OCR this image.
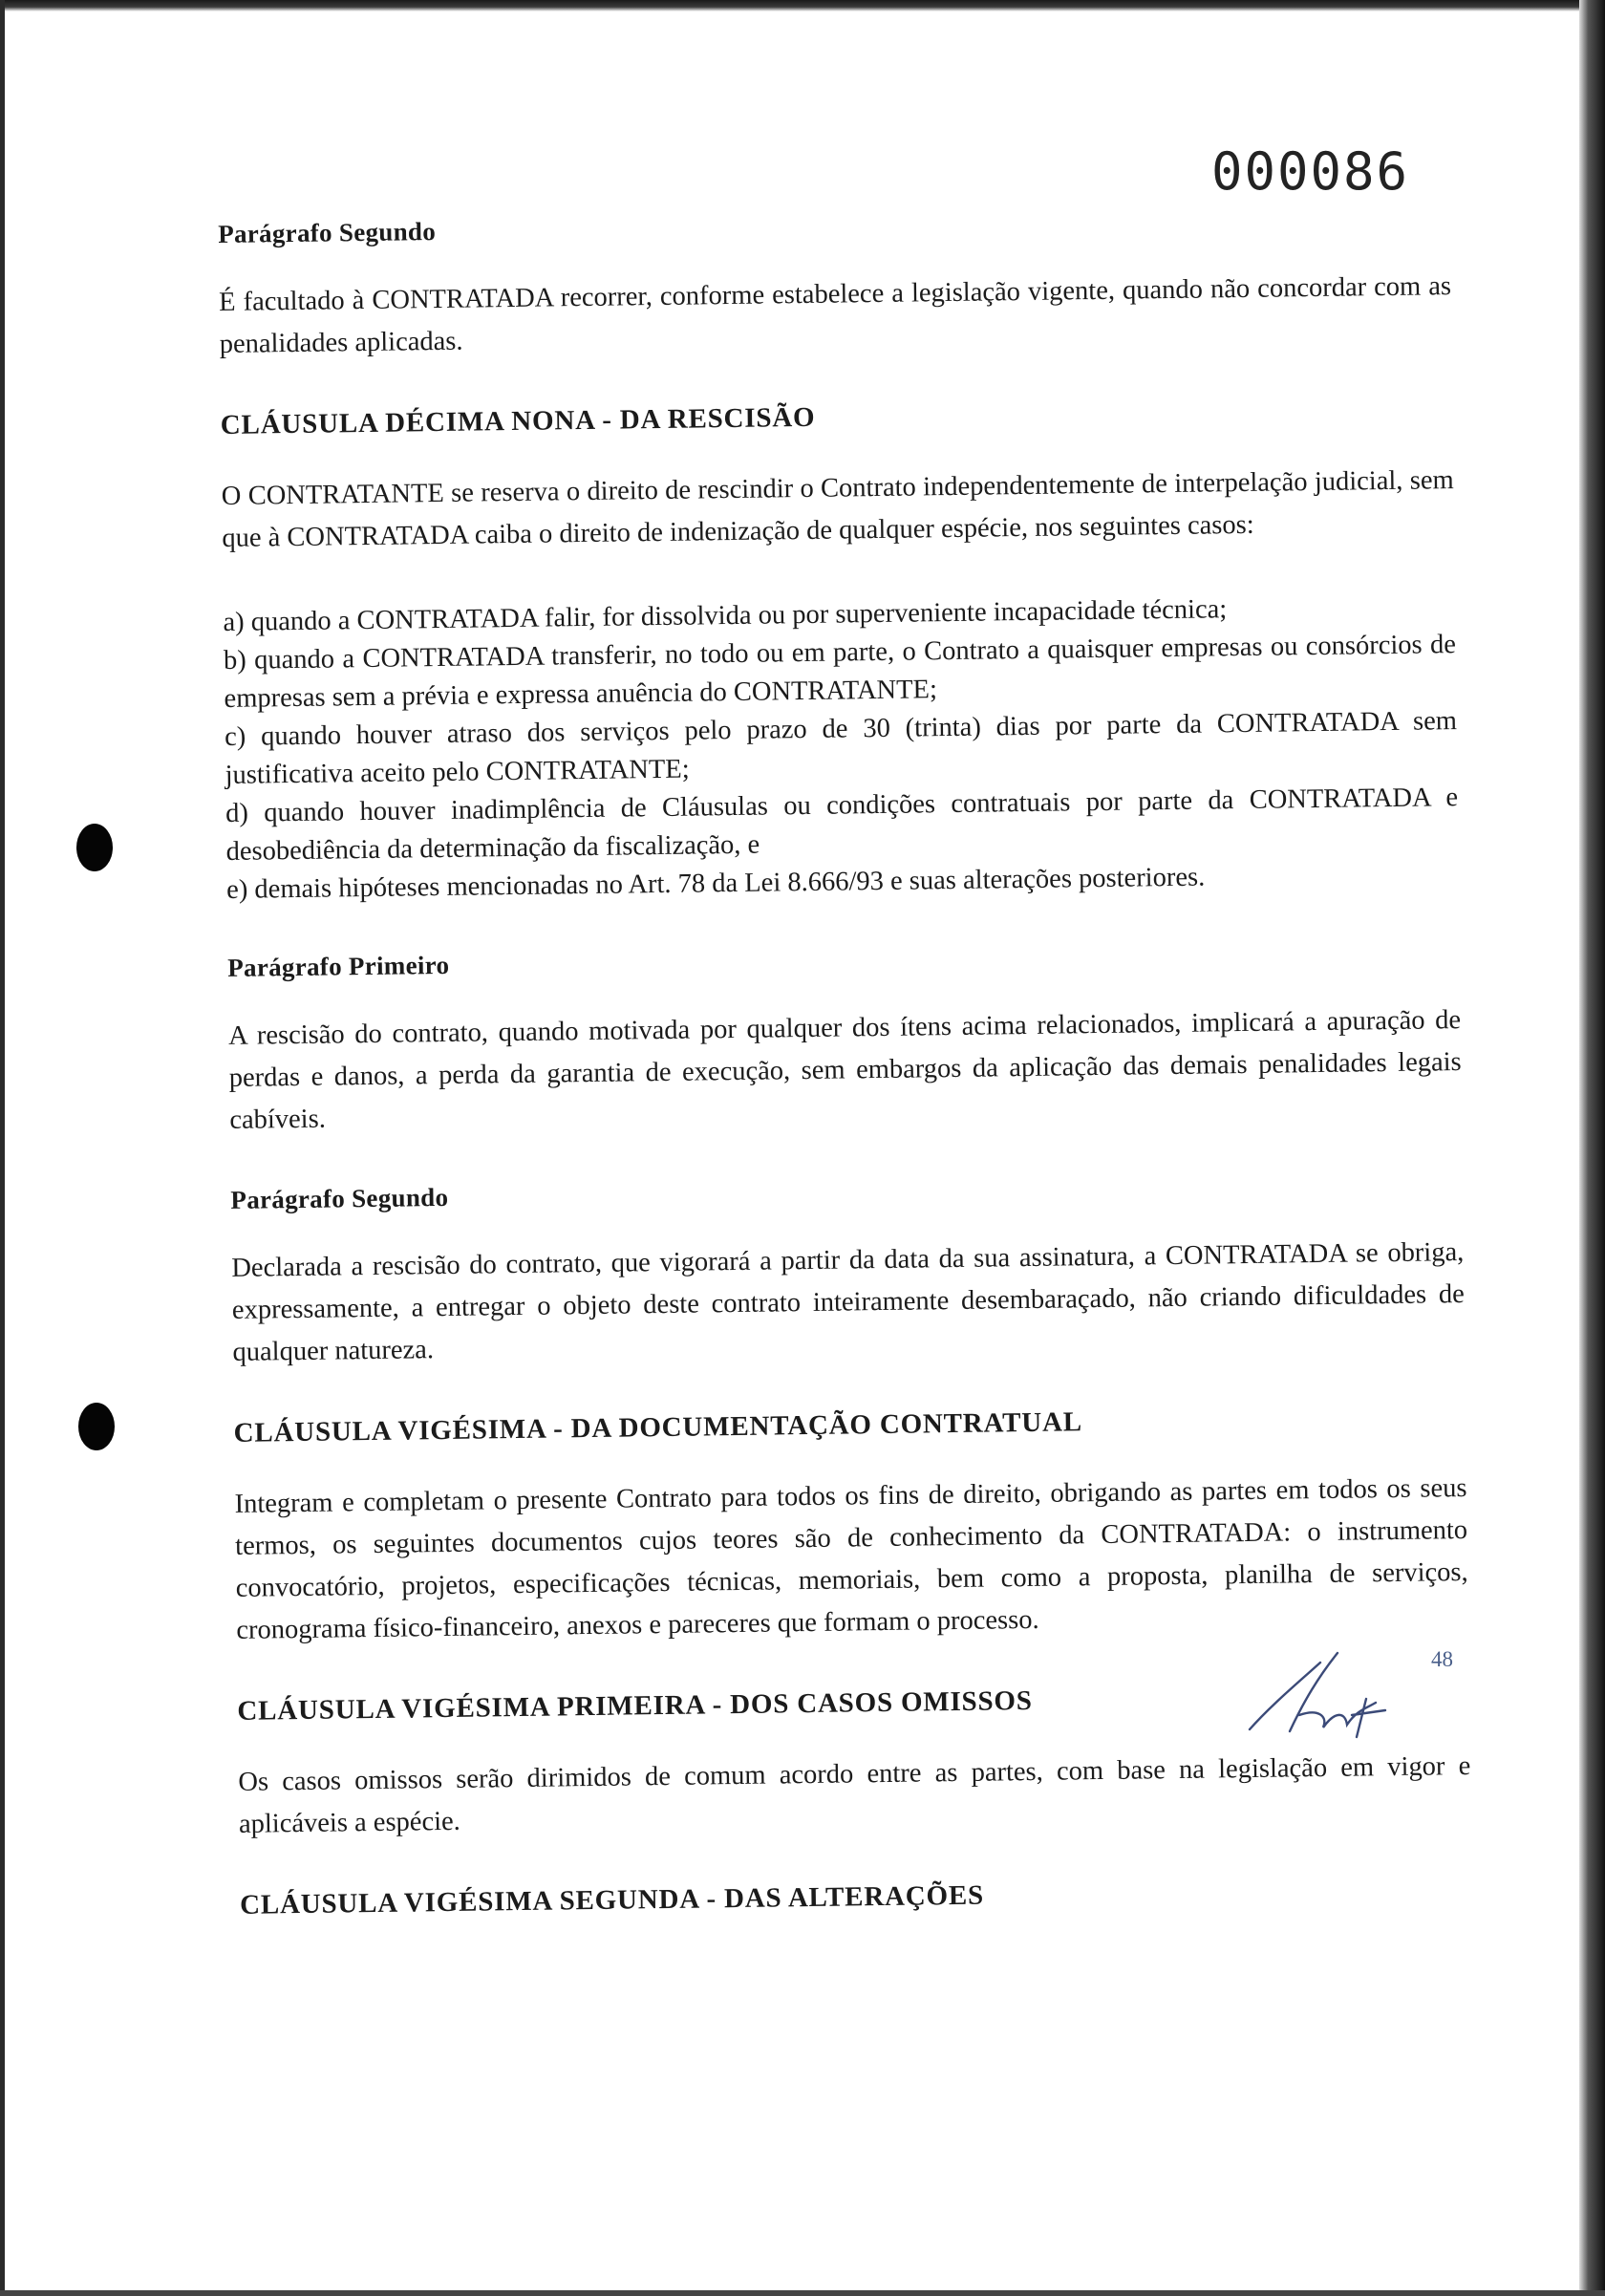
000086
Parágrafo Segundo

É facultado à CONTRATADA recorrer, conforme estabelece a legislação vigente, quando não concordar com as penalidades aplicadas.

CLÁUSULA DÉCIMA NONA - DA RESCISÃO

O CONTRATANTE se reserva o direito de rescindir o Contrato independentemente de interpelação judicial, sem que à CONTRATADA caiba o direito de indenização de qualquer espécie, nos seguintes casos:

a) quando a CONTRATADA falir, for dissolvida ou por superveniente incapacidade técnica;
b) quando a CONTRATADA transferir, no todo ou em parte, o Contrato a quaisquer empresas ou consórcios de empresas sem a prévia e expressa anuência do CONTRATANTE;
c) quando houver atraso dos serviços pelo prazo de 30 (trinta) dias por parte da CONTRATADA sem justificativa aceito pelo CONTRATANTE;
d) quando houver inadimplência de Cláusulas ou condições contratuais por parte da CONTRATADA e desobediência da determinação da fiscalização, e
e) demais hipóteses mencionadas no Art. 78 da Lei 8.666/93 e suas alterações posteriores.
Parágrafo Primeiro

A rescisão do contrato, quando motivada por qualquer dos ítens acima relacionados, implicará a apuração de perdas e danos, a perda da garantia de execução, sem embargos da aplicação das demais penalidades legais cabíveis.

Parágrafo Segundo

Declarada a rescisão do contrato, que vigorará a partir da data da sua assinatura, a CONTRATADA se obriga, expressamente, a entregar o objeto deste contrato inteiramente desembaraçado, não criando dificuldades de qualquer natureza.

CLÁUSULA VIGÉSIMA - DA DOCUMENTAÇÃO CONTRATUAL

Integram e completam o presente Contrato para todos os fins de direito, obrigando as partes em todos os seus termos, os seguintes documentos cujos teores são de conhecimento da CONTRATADA: o instrumento convocatório, projetos, especificações técnicas, memoriais, bem como a proposta, planilha de serviços, cronograma físico-financeiro, anexos e pareceres que formam o processo.

CLÁUSULA VIGÉSIMA PRIMEIRA - DOS CASOS OMISSOS

Os casos omissos serão dirimidos de comum acordo entre as partes, com base na legislação em vigor e aplicáveis a espécie.

CLÁUSULA VIGÉSIMA SEGUNDA - DAS ALTERAÇÕES
48
